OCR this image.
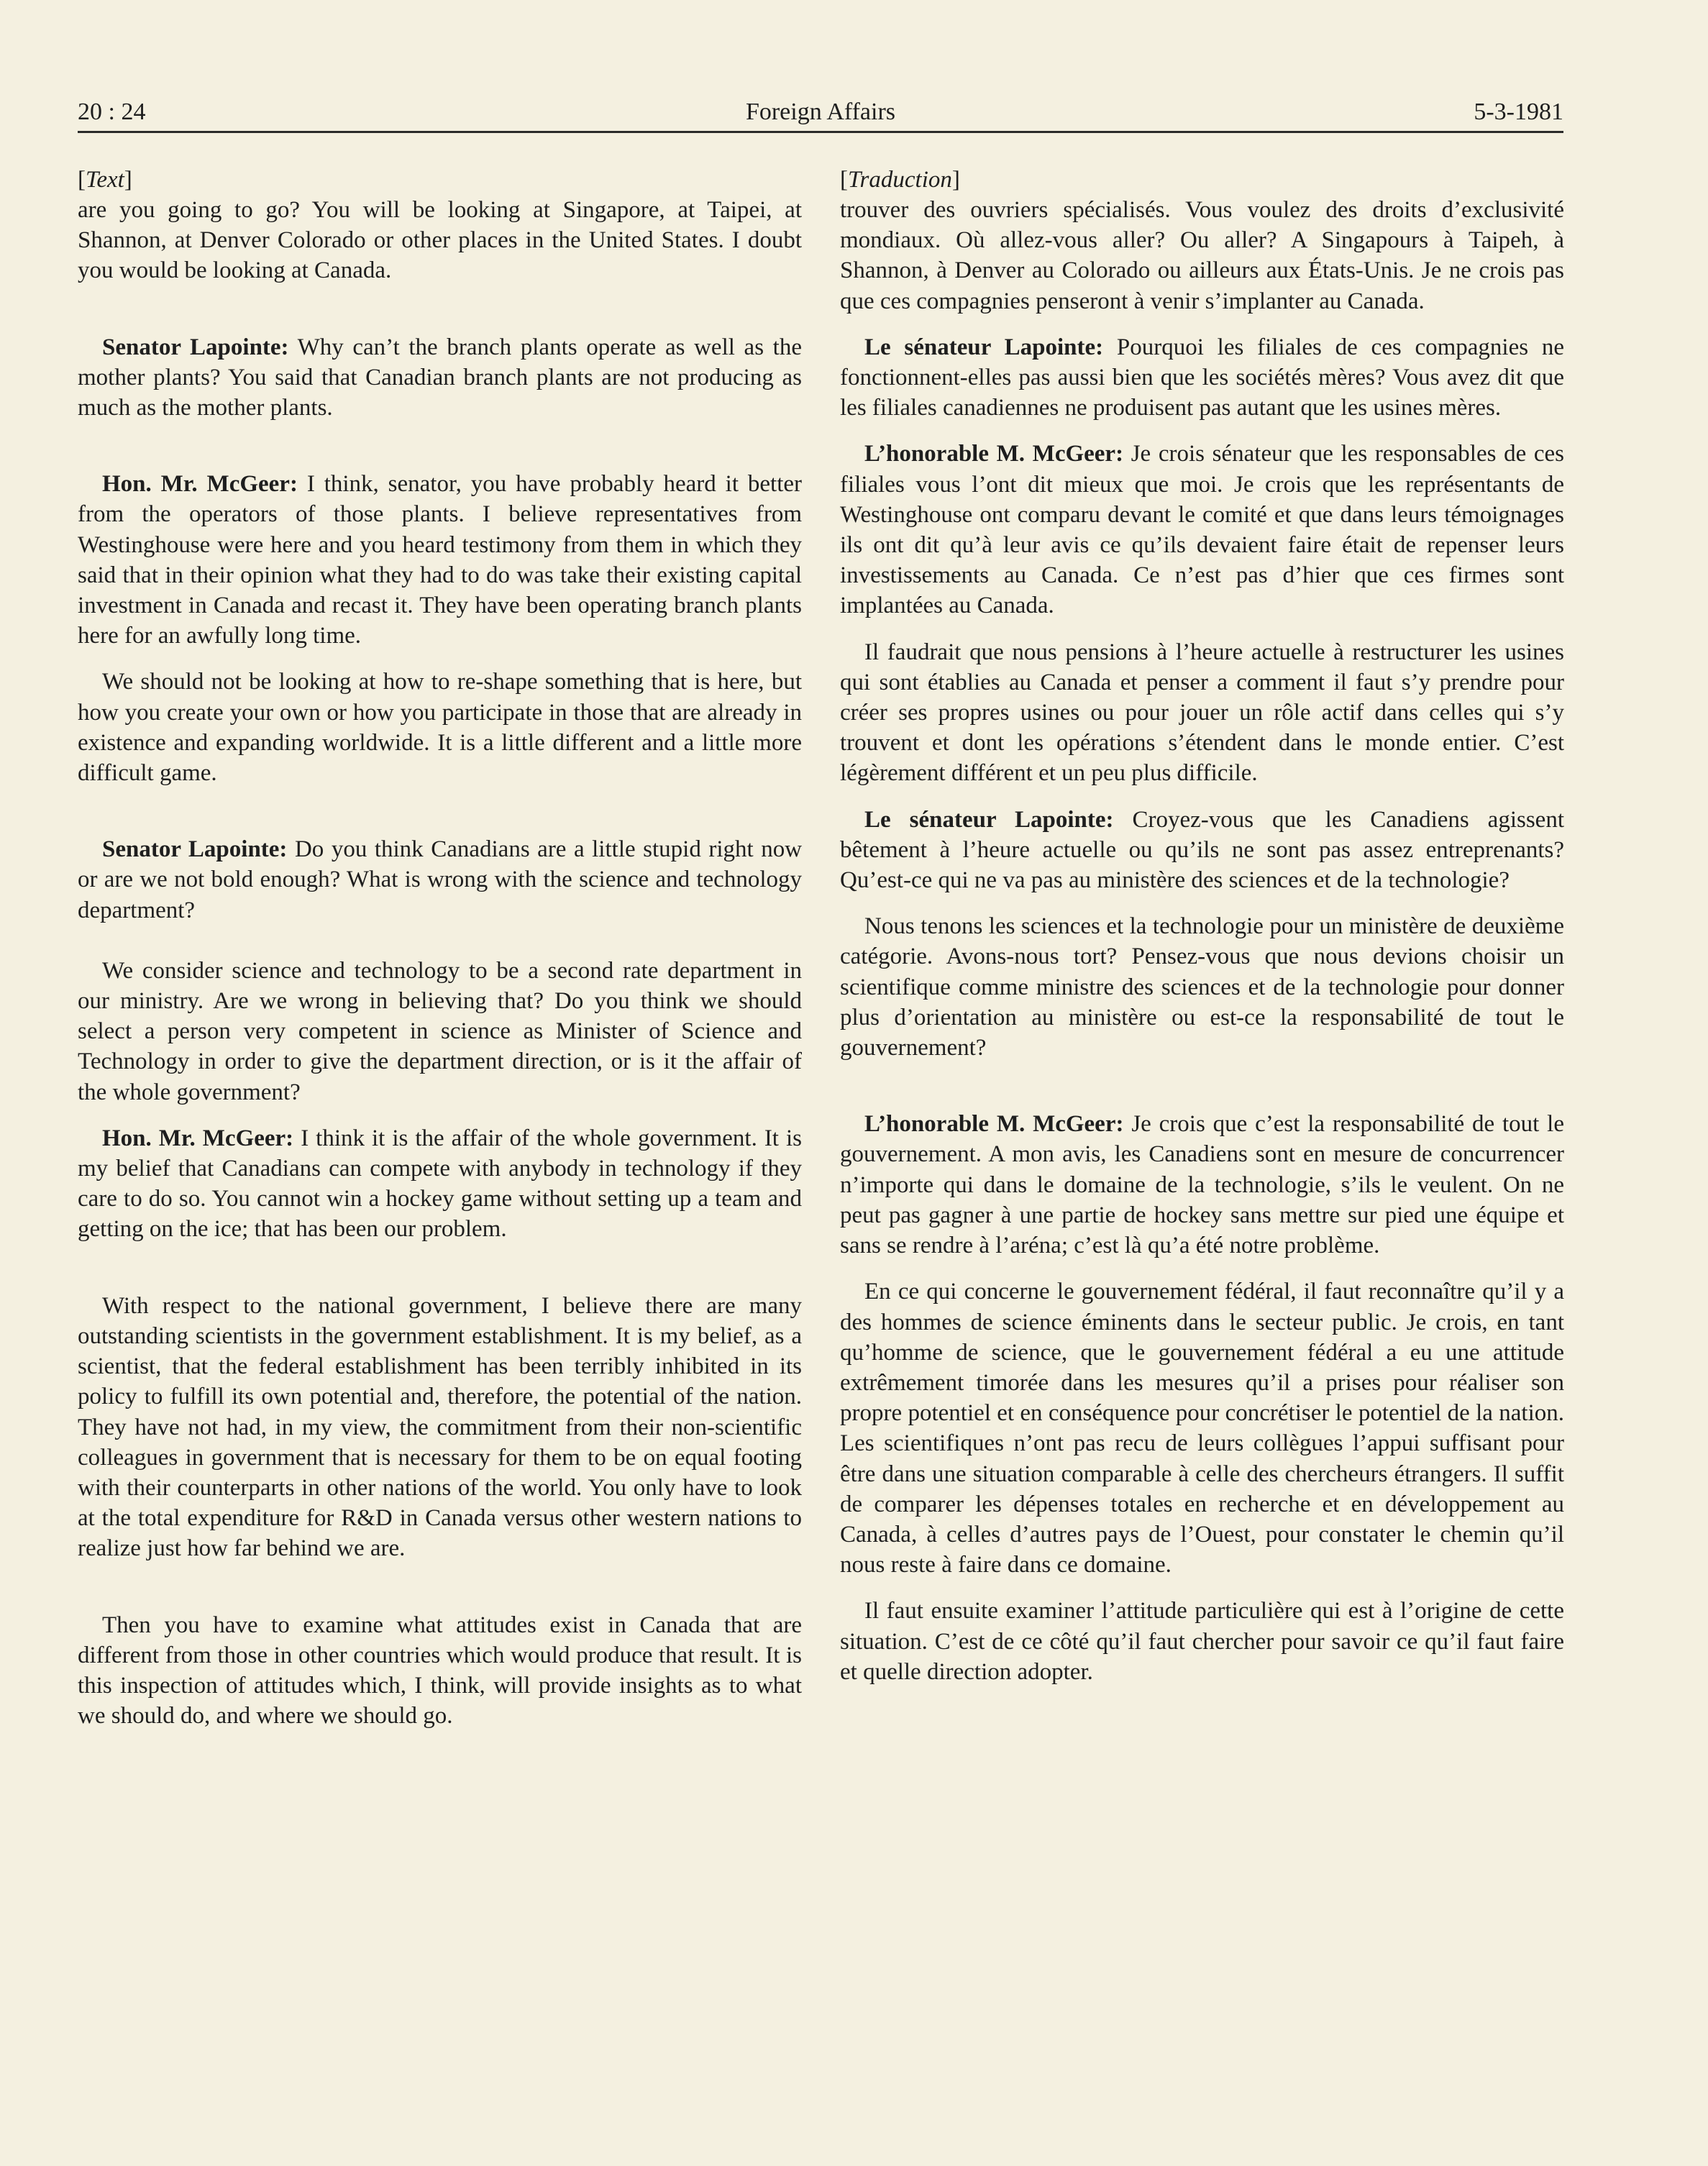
20 : 24	Foreign Affairs	5-3-1981
[Text]

are you going to go? You will be looking at Singapore, at Taipei, at Shannon, at Denver Colorado or other places in the United States. I doubt you would be looking at Canada.

Senator Lapointe: Why can’t the branch plants operate as well as the mother plants? You said that Canadian branch plants are not producing as much as the mother plants.

Hon. Mr. McGeer: I think, senator, you have probably heard it better from the operators of those plants. I believe representatives from Westinghouse were here and you heard testimony from them in which they said that in their opinion what they had to do was take their existing capital investment in Canada and recast it. They have been operating branch plants here for an awfully long time.

We should not be looking at how to re-shape something that is here, but how you create your own or how you participate in those that are already in existence and expanding worldwide. It is a little different and a little more difficult game.

Senator Lapointe: Do you think Canadians are a little stupid right now or are we not bold enough? What is wrong with the science and technology department?

We consider science and technology to be a second rate department in our ministry. Are we wrong in believing that? Do you think we should select a person very competent in science as Minister of Science and Technology in order to give the department direction, or is it the affair of the whole government?

Hon. Mr. McGeer: I think it is the affair of the whole government. It is my belief that Canadians can compete with anybody in technology if they care to do so. You cannot win a hockey game without setting up a team and getting on the ice; that has been our problem.

With respect to the national government, I believe there are many outstanding scientists in the government establishment. It is my belief, as a scientist, that the federal establishment has been terribly inhibited in its policy to fulfill its own potential and, therefore, the potential of the nation. They have not had, in my view, the commitment from their non-scientific colleagues in government that is necessary for them to be on equal footing with their counterparts in other nations of the world. You only have to look at the total expenditure for R&D in Canada versus other western nations to realize just how far behind we are.

Then you have to examine what attitudes exist in Canada that are different from those in other countries which would produce that result. It is this inspection of attitudes which, I think, will provide insights as to what we should do, and where we should go.

[Traduction]

trouver des ouvriers spécialisés. Vous voulez des droits d’exclusivité mondiaux. Où allez-vous aller? Ou aller? A Singapours à Taipeh, à Shannon, à Denver au Colorado ou ailleurs aux États-Unis. Je ne crois pas que ces compagnies penseront à venir s’implanter au Canada.

Le sénateur Lapointe: Pourquoi les filiales de ces compagnies ne fonctionnent-elles pas aussi bien que les sociétés mères? Vous avez dit que les filiales canadiennes ne produisent pas autant que les usines mères.

L’honorable M. McGeer: Je crois sénateur que les responsables de ces filiales vous l’ont dit mieux que moi. Je crois que les représentants de Westinghouse ont comparu devant le comité et que dans leurs témoignages ils ont dit qu’à leur avis ce qu’ils devaient faire était de repenser leurs investissements au Canada. Ce n’est pas d’hier que ces firmes sont implantées au Canada.

Il faudrait que nous pensions à l’heure actuelle à restructurer les usines qui sont établies au Canada et penser a comment il faut s’y prendre pour créer ses propres usines ou pour jouer un rôle actif dans celles qui s’y trouvent et dont les opérations s’étendent dans le monde entier. C’est légèrement différent et un peu plus difficile.

Le sénateur Lapointe: Croyez-vous que les Canadiens agissent bêtement à l’heure actuelle ou qu’ils ne sont pas assez entreprenants? Qu’est-ce qui ne va pas au ministère des sciences et de la technologie?

Nous tenons les sciences et la technologie pour un ministère de deuxième catégorie. Avons-nous tort? Pensez-vous que nous devions choisir un scientifique comme ministre des sciences et de la technologie pour donner plus d’orientation au ministère ou est-ce la responsabilité de tout le gouvernement?

L’honorable M. McGeer: Je crois que c’est la responsabilité de tout le gouvernement. A mon avis, les Canadiens sont en mesure de concurrencer n’importe qui dans le domaine de la technologie, s’ils le veulent. On ne peut pas gagner à une partie de hockey sans mettre sur pied une équipe et sans se rendre à l’aréna; c’est là qu’a été notre problème.

En ce qui concerne le gouvernement fédéral, il faut reconnaître qu’il y a des hommes de science éminents dans le secteur public. Je crois, en tant qu’homme de science, que le gouvernement fédéral a eu une attitude extrêmement timorée dans les mesures qu’il a prises pour réaliser son propre potentiel et en conséquence pour concrétiser le potentiel de la nation. Les scientifiques n’ont pas recu de leurs collègues l’appui suffisant pour être dans une situation comparable à celle des chercheurs étrangers. Il suffit de comparer les dépenses totales en recherche et en développement au Canada, à celles d’autres pays de l’Ouest, pour constater le chemin qu’il nous reste à faire dans ce domaine.

Il faut ensuite examiner l’attitude particulière qui est à l’origine de cette situation. C’est de ce côté qu’il faut chercher pour savoir ce qu’il faut faire et quelle direction adopter.
